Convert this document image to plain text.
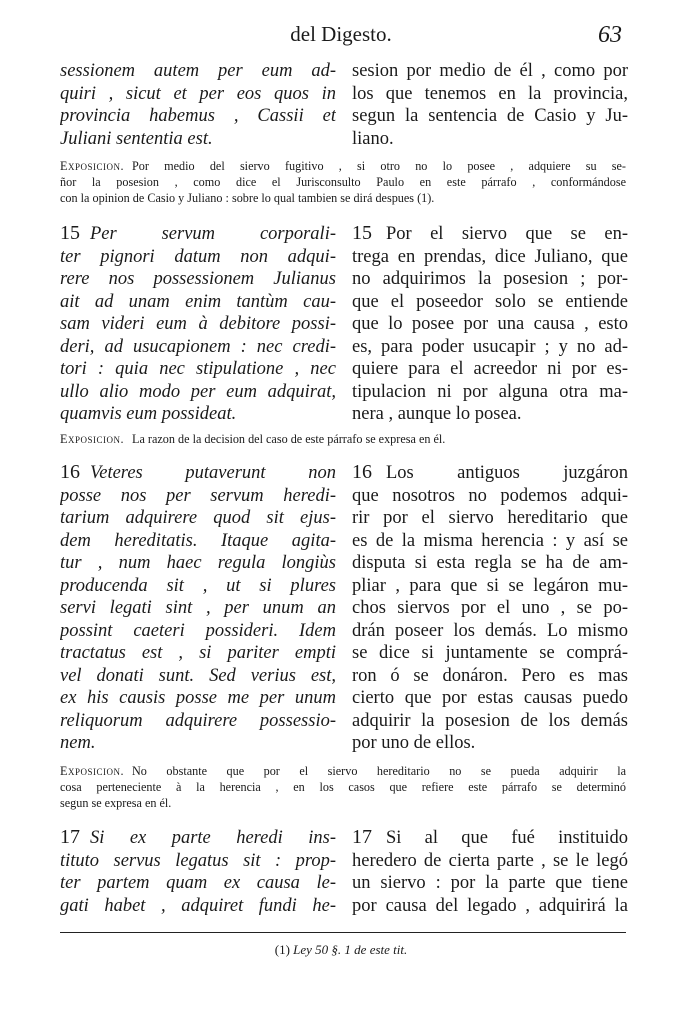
del Digesto.	63
sessionem autem per eum ad-
quiri , sicut et per eos quos in
provincia habemus , Cassii et
Juliani sententia est.
sesion por medio de él , como por
los que tenemos en la provincia,
segun la sentencia de Casio y Ju-
liano.
Exposicion. Por medio del siervo fugitivo , si otro no lo posee , adquiere su se-
ñor la posesion , como dice el Jurisconsulto Paulo en este párrafo , conformándose
con la opinion de Casio y Juliano : sobre lo qual tambien se dirá despues (1).
15 Per servum corporali-
ter pignori datum non adqui-
rere nos possessionem Julianus
ait ad unam enim tantùm cau-
sam videri eum à debitore possi-
deri, ad usucapionem : nec credi-
tori : quia nec stipulatione , nec
ullo alio modo per eum adquirat,
quamvis eum possideat.
15 Por el siervo que se en-
trega en prendas, dice Juliano, que
no adquirimos la posesion ; por-
que el poseedor solo se entiende
que lo posee por una causa , esto
es, para poder usucapir ; y no ad-
quiere para el acreedor ni por es-
tipulacion ni por alguna otra ma-
nera , aunque lo posea.
Exposicion. La razon de la decision del caso de este párrafo se expresa en él.
16 Veteres putaverunt non
posse nos per servum heredi-
tarium adquirere quod sit ejus-
dem hereditatis. Itaque agita-
tur , num haec regula longiùs
producenda sit , ut si plures
servi legati sint , per unum an
possint caeteri possideri. Idem
tractatus est , si pariter empti
vel donati sunt. Sed verius est,
ex his causis posse me per unum
reliquorum adquirere possessio-
nem.
16 Los antiguos juzgáron
que nosotros no podemos adqui-
rir por el siervo hereditario que
es de la misma herencia : y así se
disputa si esta regla se ha de am-
pliar , para que si se legáron mu-
chos siervos por el uno , se po-
drán poseer los demás. Lo mismo
se dice si juntamente se comprá-
ron ó se donáron. Pero es mas
cierto que por estas causas puedo
adquirir la posesion de los demás
por uno de ellos.
Exposicion. No obstante que por el siervo hereditario no se pueda adquirir la
cosa perteneciente à la herencia , en los casos que refiere este párrafo se determinó
segun se expresa en él.
17 Si ex parte heredi ins-
tituto servus legatus sit : prop-
ter partem quam ex causa le-
gati habet , adquiret fundi he-
17 Si al que fué instituido
heredero de cierta parte , se le legó
un siervo : por la parte que tiene
por causa del legado , adquirirá la
(1) Ley 50 §. 1 de este tit.
